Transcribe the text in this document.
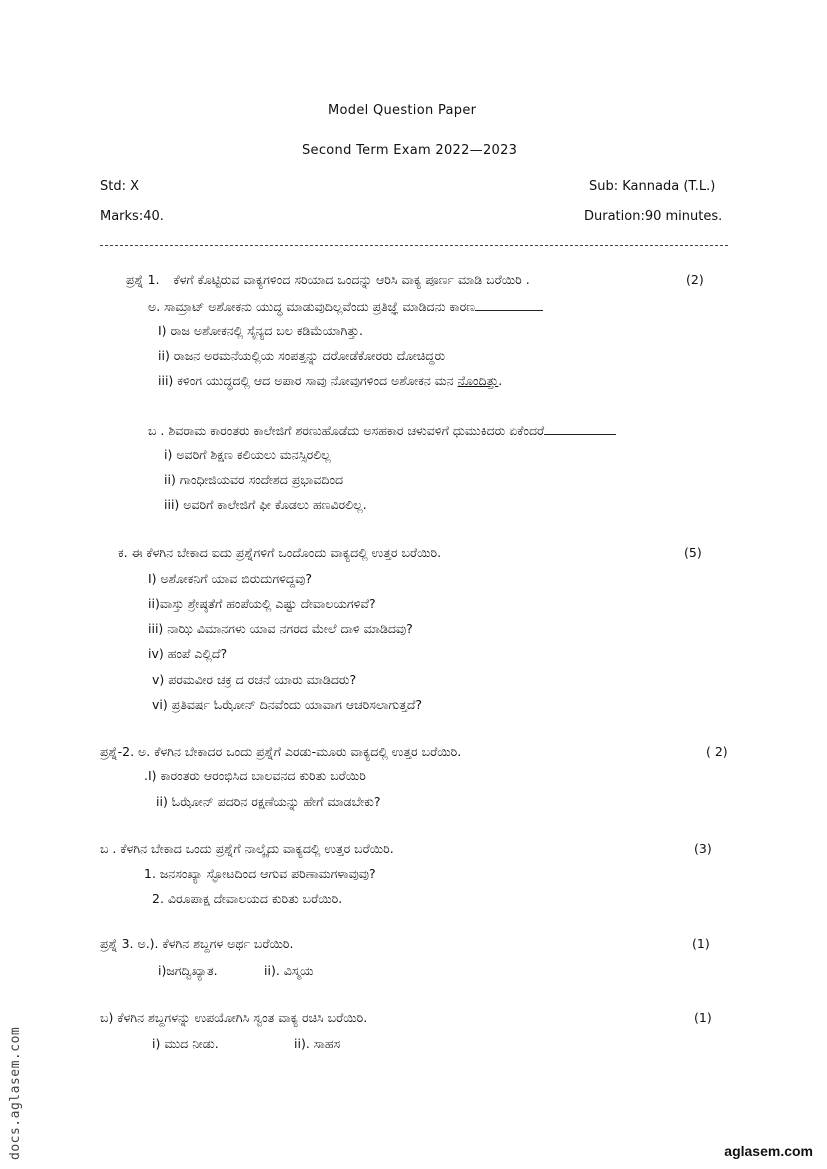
Model Question Paper
Second Term Exam 2022—2023
Std: X	Sub: Kannada (T.L.)
Marks:40.	Duration:90 minutes.
ಪ್ರಶ್ನೆ 1. ಕೆಳಗೆ ಕೊಟ್ಟಿರುವ ವಾಕ್ಯಗಳಿಂದ ಸರಿಯಾದ ಒಂದನ್ನು ಆರಿಸಿ ವಾಕ್ಯ ಪೂರ್ಣ ಮಾಡಿ ಬರೆಯಿರಿ .	(2)
ಅ. ಸಾಮ್ರಾಟ್ ಅಶೋಕನು ಯುದ್ಧ ಮಾಡುವುದಿಲ್ಲವೆಂದು ಪ್ರತಿಜ್ಞೆ ಮಾಡಿದನು ಕಾರಣ
I) ರಾಜ ಅಶೋಕನಲ್ಲಿ ಸೈನ್ಯದ ಬಲ ಕಡಿಮೆಯಾಗಿತ್ತು.
ii) ರಾಜನ ಅರಮನೆಯಲ್ಲಿಯ ಸಂಪತ್ತನ್ನು ದರೋಡೆಕೋರರು ದೋಚಿದ್ದರು
iii) ಕಳಿಂಗ ಯುದ್ಧದಲ್ಲಿ ಆದ ಅಪಾರ ಸಾವು ನೋವುಗಳಿಂದ ಅಶೋಕನ ಮನ ನೊಂದಿತ್ತು.
ಬ . ಶಿವರಾಮ ಕಾರಂತರು ಕಾಲೇಜಿಗೆ ಶರಣುಹೊಡೆದು ಅಸಹಕಾರ ಚಳುವಳಿಗೆ ಧುಮುಕಿದರು ಏಕೆಂದರೆ
i) ಅವರಿಗೆ ಶಿಕ್ಷಣ ಕಲಿಯಲು ಮನಸ್ಸಿರಲಿಲ್ಲ
ii) ಗಾಂಧೀಜಿಯವರ ಸಂದೇಶದ ಪ್ರಭಾವದಿಂದ
iii) ಅವರಿಗೆ ಕಾಲೇಜಿಗೆ ಫೀ ಕೊಡಲು ಹಣವಿರಲಿಲ್ಲ.
ಕ. ಈ ಕೆಳಗಿನ ಬೇಕಾದ ಐದು ಪ್ರಶ್ನೆಗಳಿಗೆ ಒಂದೊಂದು ವಾಕ್ಯದಲ್ಲಿ ಉತ್ತರ ಬರೆಯಿರಿ.	(5)
I) ಅಶೋಕನಿಗೆ ಯಾವ ಬಿರುದುಗಳಿದ್ದವು?
ii)ವಾಸ್ತು ಶ್ರೇಷ್ಠತೆಗೆ ಹಂಪೆಯಲ್ಲಿ ಎಷ್ಟು ದೇವಾಲಯಗಳಿವೆ?
iii) ನಾಝಿ ವಿಮಾನಗಳು ಯಾವ ನಗರದ ಮೇಲೆ ದಾಳಿ ಮಾಡಿದವು?
iv) ಹಂಪೆ ಎಲ್ಲಿದೆ?
v) ಪರಮವೀರ ಚಕ್ರ ದ ರಚನೆ ಯಾರು ಮಾಡಿದರು?
vi) ಪ್ರತಿವರ್ಷ ಓಝೋನ್ ದಿನವೆಂದು ಯಾವಾಗ ಆಚರಿಸಲಾಗುತ್ತದೆ?
ಪ್ರಶ್ನೆ-2. ಅ. ಕೆಳಗಿನ ಬೇಕಾದರ ಒಂದು ಪ್ರಶ್ನೆಗೆ ಎರಡು-ಮೂರು ವಾಕ್ಯದಲ್ಲಿ ಉತ್ತರ ಬರೆಯಿರಿ.	( 2)
.I) ಕಾರಂತರು ಆರಂಭಿಸಿದ ಬಾಲವನದ ಕುರಿತು ಬರೆಯಿರಿ
ii) ಓಝೋನ್ ಪದರಿನ ರಕ್ಷಣೆಯನ್ನು ಹೇಗೆ ಮಾಡಬೇಕು?
ಬ . ಕೆಳಗಿನ ಬೇಕಾದ ಒಂದು ಪ್ರಶ್ನೆಗೆ ನಾಲ್ಕೈದು ವಾಕ್ಯದಲ್ಲಿ ಉತ್ತರ ಬರೆಯಿರಿ.	(3)
1. ಜನಸಂಖ್ಯಾ ಸ್ಫೋಟದಿಂದ ಆಗುವ ಪರಿಣಾಮಗಳಾವುವು?
2. ವಿರೂಪಾಕ್ಷ ದೇವಾಲಯದ ಕುರಿತು ಬರೆಯಿರಿ.
ಪ್ರಶ್ನೆ 3. ಅ.). ಕೆಳಗಿನ ಶಬ್ದಗಳ ಅರ್ಥ ಬರೆಯಿರಿ.	(1)
i)ಜಗದ್ವಿಖ್ಯಾತ.	ii). ವಿಸ್ಮಯ
ಬ) ಕೆಳಗಿನ ಶಬ್ದಗಳನ್ನು ಉಪಯೋಗಿಸಿ ಸ್ವಂತ ವಾಕ್ಯ ರಚಿಸಿ ಬರೆಯಿರಿ.	(1)
i) ಮುದ ನೀಡು.	ii). ಸಾಹಸ
docs.aglasem.com	aglasem.com
